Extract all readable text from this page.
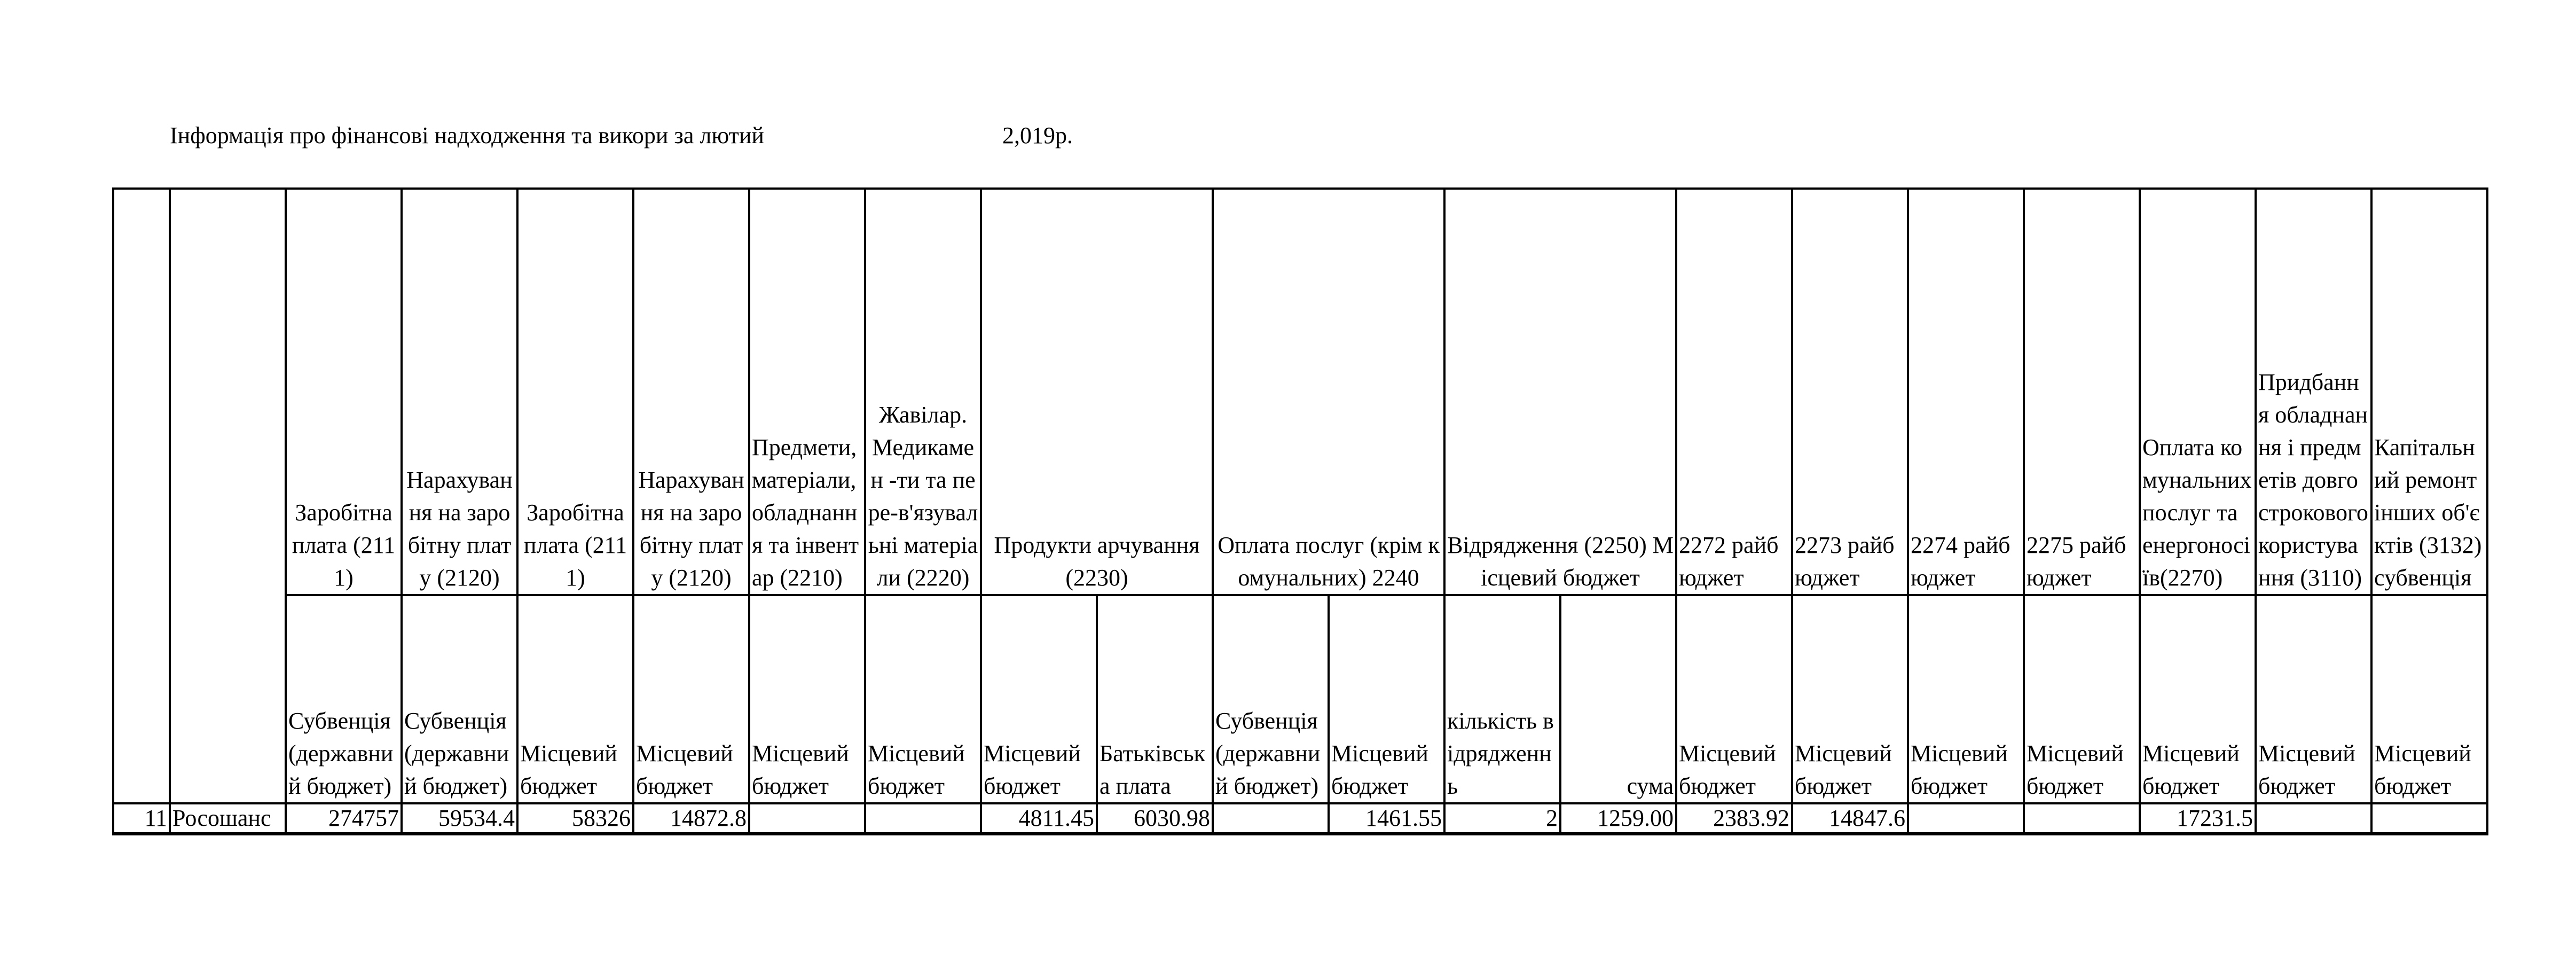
Інформація про фінансові надходження та викори за лютий	2,019р.
		Заробітна плата (2111)	Нарахування на заробітну плату (2120)	Заробітна плата (2111)	Нарахування на заробітну плату (2120)	Предмети, матеріали, обладнання та інвентар (2210)	Жавілар. Медикамен -ти та пере-в'язувальні матеріали (2220)	Продукти арчування (2230)		Оплата послуг (крім комунальних) 2240		Відрядження (2250) Місцевий бюджет		2272 райбюджет	2273 райбюджет	2274 райбюджет	2275 райбюджет	Оплата комунальних послуг та енергоносіїв(2270)	Придбання обладнання і предметів довгострокового користування (3110)	Капітальний ремонт інших об'єктів (3132) субвенція
		Субвенція (державний бюджет)	Субвенція (державний бюджет)	Місцевий бюджет	Місцевий бюджет	Місцевий бюджет	Місцевий бюджет	Місцевий бюджет	Батьківська плата	Субвенція (державний бюджет)	Місцевий бюджет	кількість відрядженнь	сума	Місцевий бюджет	Місцевий бюджет	Місцевий бюджет	Місцевий бюджет	Місцевий бюджет	Місцевий бюджет	Місцевий бюджет
11	Росошанс	274757	59534.4	58326	14872.8			4811.45	6030.98		1461.55	2	1259.00	2383.92	14847.6			17231.5		
